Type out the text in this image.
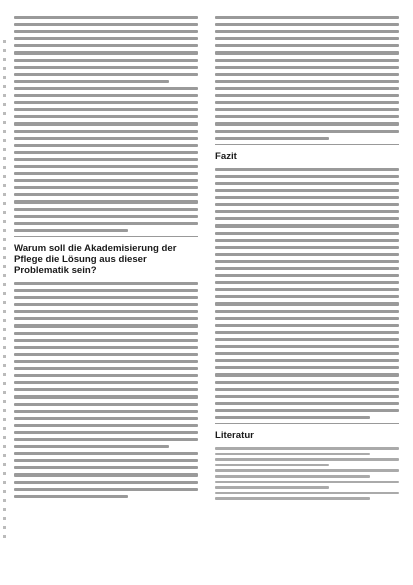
Warum soll die Akademisierung der Pflege die Lösung aus dieser Problematik sein?
Fazit
Literatur
